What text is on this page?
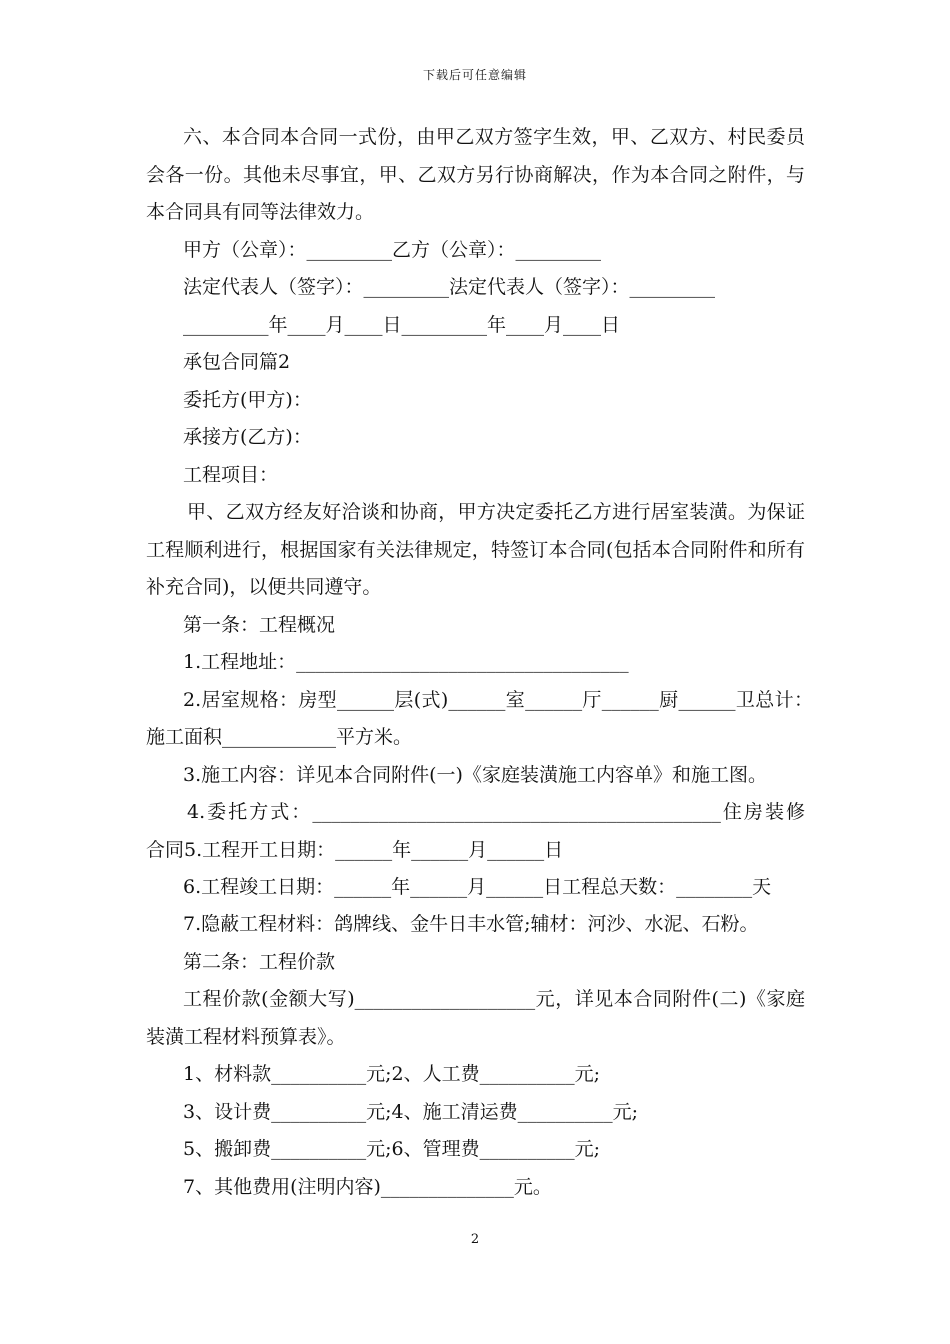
下载后可任意编辑
六、本合同本合同一式份，由甲乙双方签字生效，甲、乙双方、村民委员
会各一份。其他未尽事宜，甲、乙双方另行协商解决，作为本合同之附件，与
本合同具有同等法律效力。
甲方（公章）：_________乙方（公章）：_________
法定代表人（签字）：_________法定代表人（签字）：_________
_________年____月____日_________年____月____日
承包合同篇2
委托方(甲方)：
承接方(乙方)：
工程项目：
甲、乙双方经友好洽谈和协商，甲方决定委托乙方进行居室装潢。为保证
工程顺利进行，根据国家有关法律规定，特签订本合同(包括本合同附件和所有
补充合同)，以便共同遵守。
第一条：工程概况
1.工程地址：___________________________________
2.居室规格：房型______层(式)______室______厅______厨______卫总计：
施工面积____________平方米。
3.施工内容：详见本合同附件(一)《家庭装潢施工内容单》和施工图。
4.委托方式：___________________________________________住房装修
合同5.工程开工日期：______年______月______日
6.工程竣工日期：______年______月______日工程总天数：________天
7.隐蔽工程材料：鸽牌线、金牛日丰水管;辅材：河沙、水泥、石粉。
第二条：工程价款
工程价款(金额大写)___________________元，详见本合同附件(二)《家庭
装潢工程材料预算表》。
1、材料款__________元;2、人工费__________元;
3、设计费__________元;4、施工清运费__________元;
5、搬卸费__________元;6、管理费__________元;
7、其他费用(注明内容)______________元。
2
